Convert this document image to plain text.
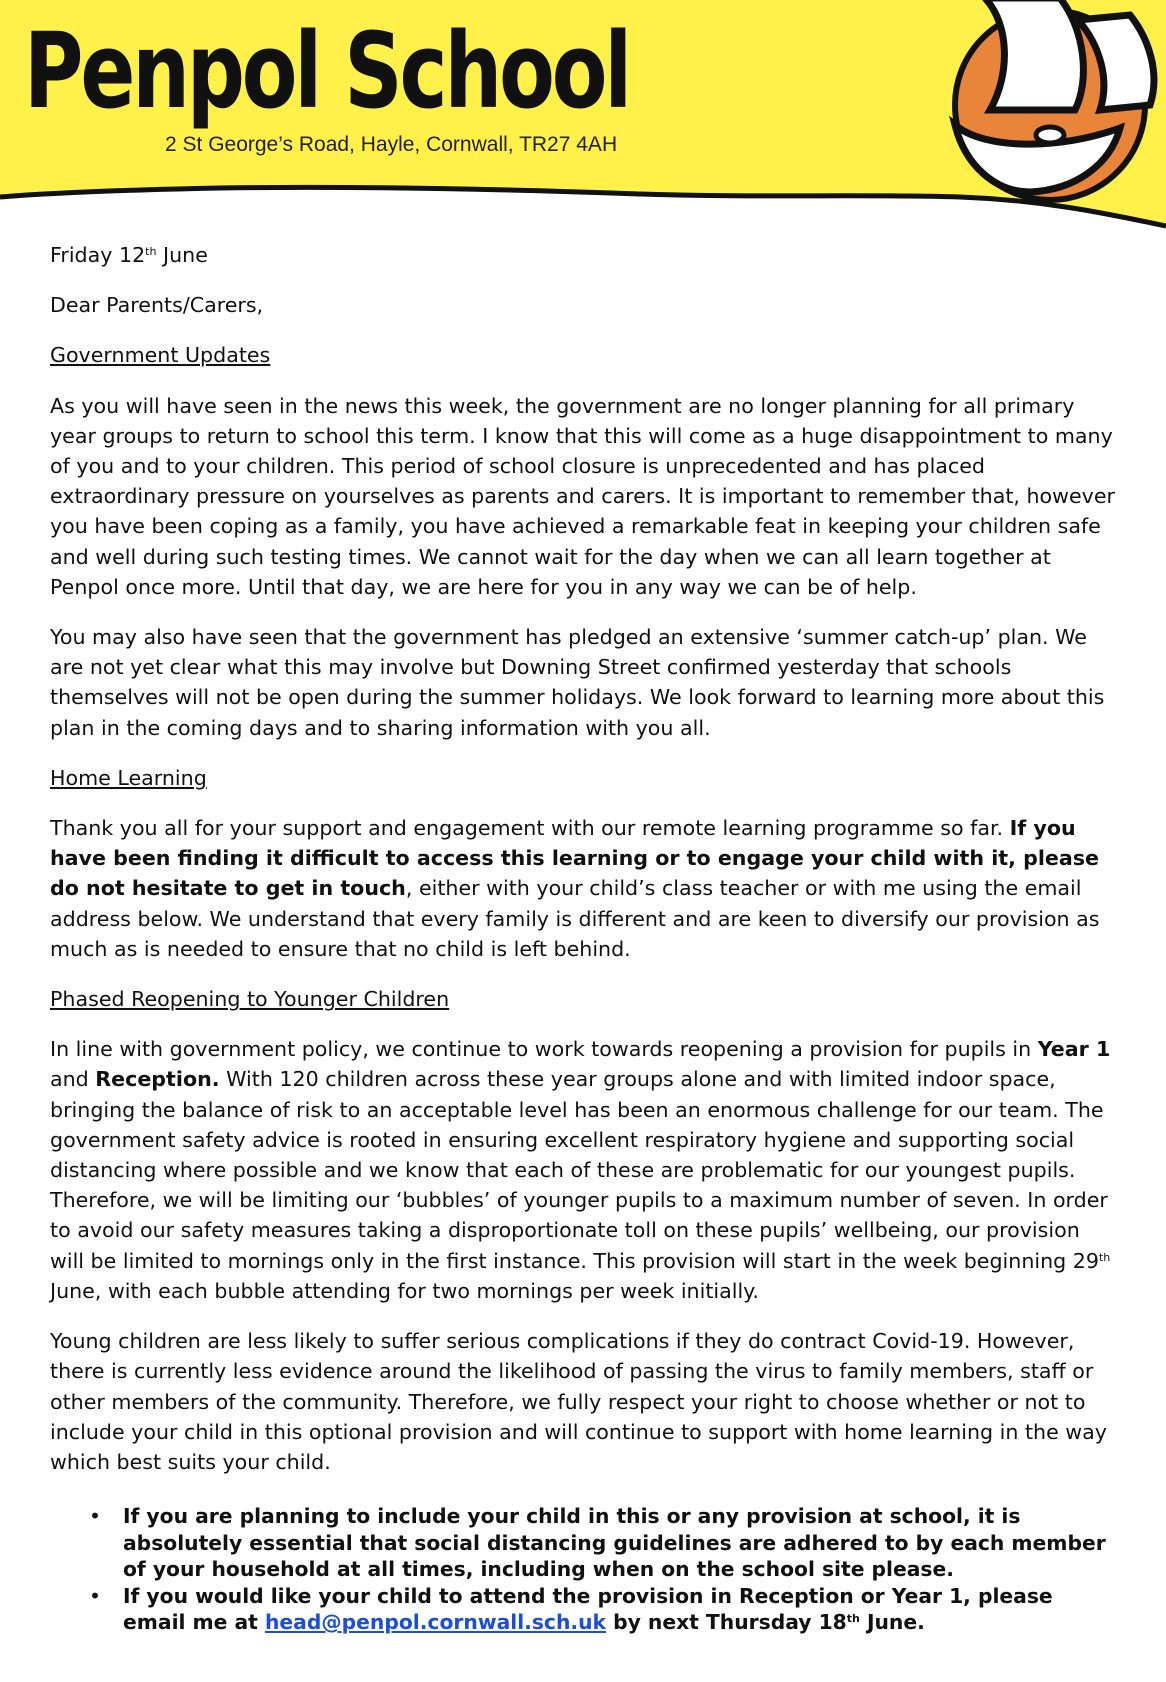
Penpol School
2 St George’s Road, Hayle, Cornwall, TR27 4AH

Friday 12th June

Dear Parents/Carers,

Government Updates

As you will have seen in the news this week, the government are no longer planning for all primary year groups to return to school this term. I know that this will come as a huge disappointment to many of you and to your children. This period of school closure is unprecedented and has placed extraordinary pressure on yourselves as parents and carers. It is important to remember that, however you have been coping as a family, you have achieved a remarkable feat in keeping your children safe and well during such testing times. We cannot wait for the day when we can all learn together at Penpol once more. Until that day, we are here for you in any way we can be of help.

You may also have seen that the government has pledged an extensive ‘summer catch-up’ plan. We are not yet clear what this may involve but Downing Street confirmed yesterday that schools themselves will not be open during the summer holidays. We look forward to learning more about this plan in the coming days and to sharing information with you all.

Home Learning

Thank you all for your support and engagement with our remote learning programme so far. If you have been finding it difficult to access this learning or to engage your child with it, please do not hesitate to get in touch, either with your child’s class teacher or with me using the email address below. We understand that every family is different and are keen to diversify our provision as much as is needed to ensure that no child is left behind.

Phased Reopening to Younger Children

In line with government policy, we continue to work towards reopening a provision for pupils in Year 1 and Reception. With 120 children across these year groups alone and with limited indoor space, bringing the balance of risk to an acceptable level has been an enormous challenge for our team. The government safety advice is rooted in ensuring excellent respiratory hygiene and supporting social distancing where possible and we know that each of these are problematic for our youngest pupils. Therefore, we will be limiting our ‘bubbles’ of younger pupils to a maximum number of seven. In order to avoid our safety measures taking a disproportionate toll on these pupils’ wellbeing, our provision will be limited to mornings only in the first instance. This provision will start in the week beginning 29th June, with each bubble attending for two mornings per week initially.

Young children are less likely to suffer serious complications if they do contract Covid-19. However, there is currently less evidence around the likelihood of passing the virus to family members, staff or other members of the community. Therefore, we fully respect your right to choose whether or not to include your child in this optional provision and will continue to support with home learning in the way which best suits your child.

• If you are planning to include your child in this or any provision at school, it is absolutely essential that social distancing guidelines are adhered to by each member of your household at all times, including when on the school site please.
• If you would like your child to attend the provision in Reception or Year 1, please email me at head@penpol.cornwall.sch.uk by next Thursday 18th June.
